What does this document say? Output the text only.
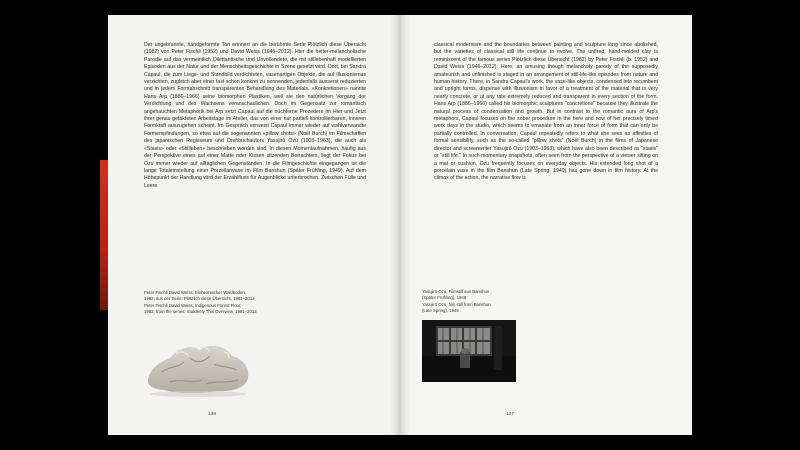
Der ungebrannte, handgeformte Ton erinnert an die berühmte Serie Plötzlich diese Übersicht (1982) von Peter Fischli (1952) und David Weiss (1946–2012). Hier die heiter-melancholische Parodie auf das vermeintlich Dilettantische und Unvollendete, die mit stillebenhaft modellierten Episoden aus der Natur und der Menschheitsgeschichte in Szene gesetzt wird. Dort, bei Sandra Capaul, die zum Liege- und Standbild verdichteten, vasenartigen Objekte, die auf Illusionismus verzichten, zugleich aber einer fast schon konkret zu nennenden, jedenfalls äusserst reduzierten und in jedem Formabschnitt transparenten Behandlung des Materials. «Konkretionen» nannte Hans Arp (1886–1966) seine biomorphen Plastiken, weil sie den natürlichen Vorgang der Verdichtung und des Wachsens veranschaulichen. Doch im Gegensatz zur romantisch angehauchten Metaphorik bei Arp setzt Capaul auf die nüchterne Prozedere im Hier und Jetzt ihrer genau getakteten Arbeitstage im Atelier, das von einer nur partiell kontrollierbaren, inneren Formkraft auszugehen scheint. Im Gespräch verweist Capaul immer wieder auf wahlverwandte Formempfindungen, so etwa auf die sogenannten «pillow shots» (Noël Burch) im Filmschaffen des japanischen Regisseurs und Drehbuchautors Yasujirō Ozu (1903–1963), die auch als «Stasis» oder «Stillleben» beschrieben worden sind. In diesen Momentaufnahmen, häufig aus der Perspektive eines auf einer Matte oder Kissen sitzenden Betrachters, liegt der Fokus bei Ozu immer wieder auf alltäglichen Gegenständen. In die Filmgeschichte eingegangen ist die lange Totaleinstellung einer Porzellanvase im Film Banshun (Später Frühling, 1949). Auf dem Höhepunkt der Handlung wird der Erzählfluss für Augenblicke unterbrochen. Zwischen Fülle und Leere

Peter Fischli David Weiss, Einheimischer Waldboden,
1982, aus der Serie: Plötzlich diese Übersicht, 1981–2012
Peter Fischli David Weiss, Indigenous Forest Floor,
1982, from the series: Suddenly This Overview, 1981–2012
138

classical modernism and the boundaries between painting and sculpture long since abolished, but the varieties of classical still life continue to evolve. The unfired, hand-molded clay is reminiscent of the famous series Plötzlich diese Übersicht (1982) by Peter Fischli (b. 1952) and David Weiss (1946–2012). Here, an amusing though melancholy parody of the supposedly amateurish and unfinished is staged in an arrangement of still-life-like episodes from nature and human history. There, in Sandra Capaul's work, the vase-like objects, condensed into recumbent and upright forms, dispense with illusionism in favor of a treatment of the material that is very nearly concrete, or at any rate extremely reduced and transparent in every section of the form. Hans Arp (1886–1966) called his biomorphic sculptures "concretions" because they illustrate the natural process of condensation and growth. But in contrast to the romantic aura of Arp's metaphors, Capaul focuses on the sober procedure in the here and now of her precisely timed work days in the studio, which seems to emanate from an inner force of form that can only be partially controlled. In conversation, Capaul repeatedly refers to what she sees as affinities of formal sensibility, such as the so-called "pillow shots" (Noël Burch) in the films of Japanese director and screenwriter Yasujirō Ozu (1903–1963), which have also been described as "stasis" or "still life." In such momentary snapshots, often seen from the perspective of a viewer sitting on a mat or cushion, Ozu frequently focuses on everyday objects. His extended long shot of a porcelain vase in the film Banshun (Late Spring, 1949) has gone down in film history. At the climax of the action, the narrative flow is

Yasujirō Ozu, Filmstill aus Banshun
(Später Frühling), 1949
Yasujirō Ozu, film still from Banshun
(Late Spring), 1949
137
